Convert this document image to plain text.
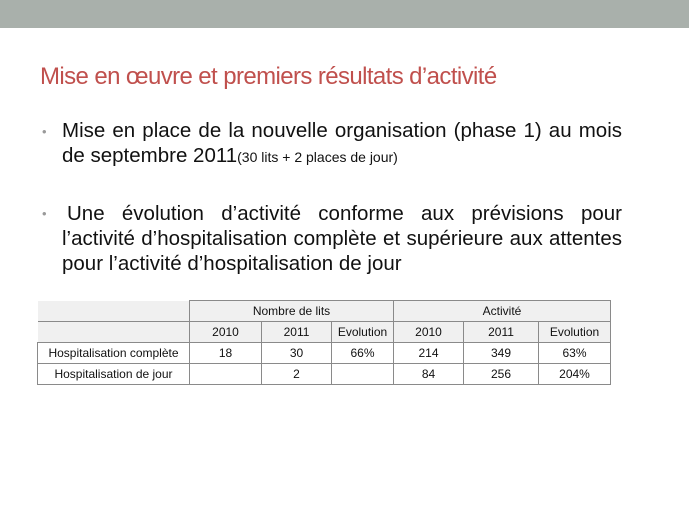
Mise en œuvre et premiers résultats d’activité
• Mise en place de la nouvelle organisation (phase 1) au mois de septembre 2011(30 lits + 2 places de jour)
• Une évolution d’activité conforme aux prévisions pour l’activité d’hospitalisation complète et supérieure aux attentes pour l’activité d’hospitalisation de jour
	Nombre de lits			Activité		
	2010	2011	Evolution	2010	2011	Evolution
Hospitalisation complète	18	30	66%	214	349	63%
Hospitalisation de jour		2		84	256	204%
